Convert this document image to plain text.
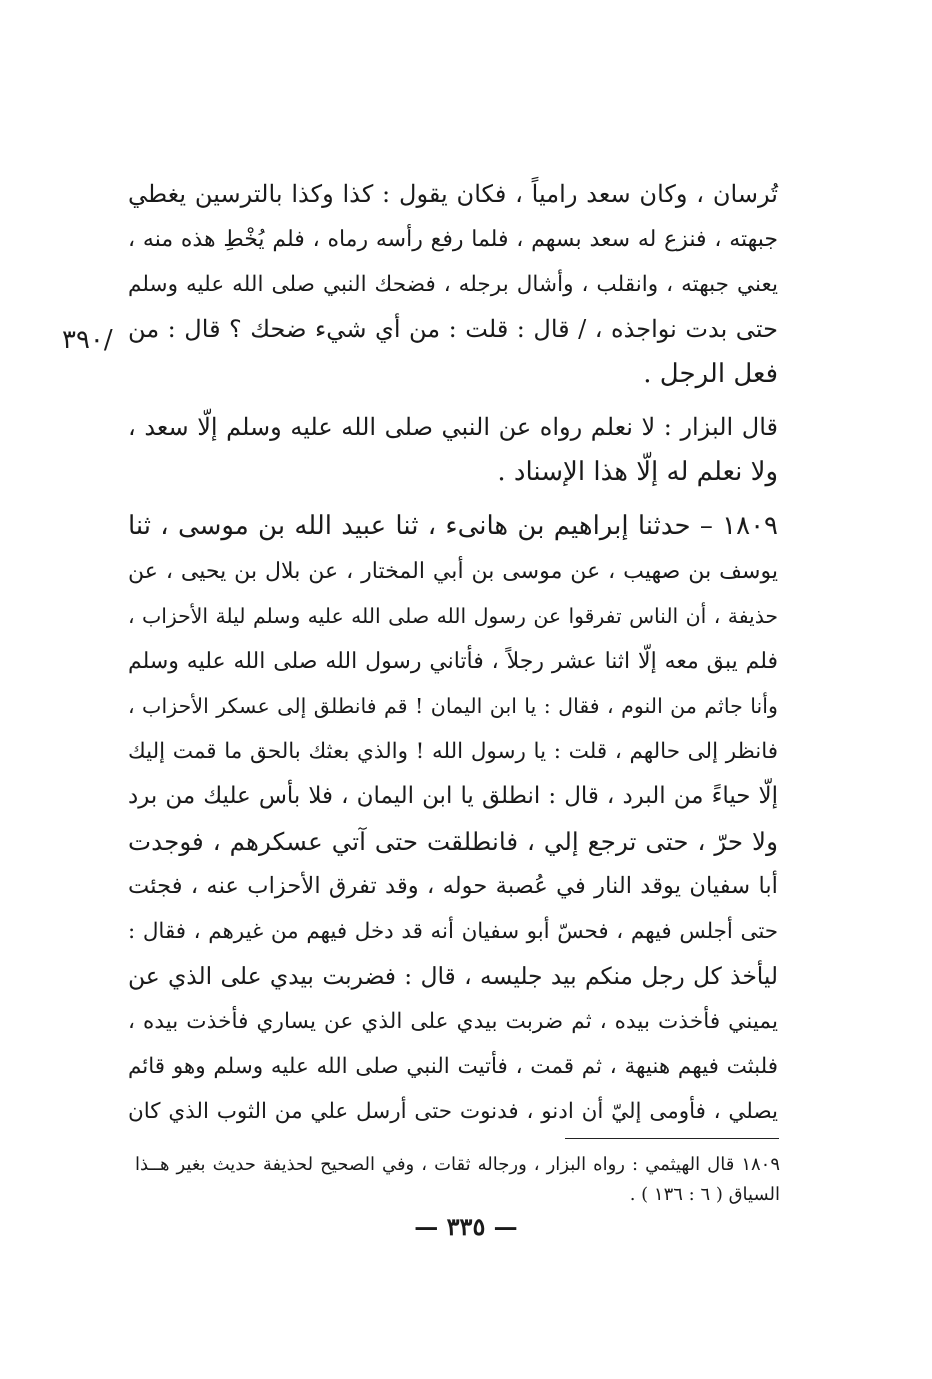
تُرسان ، وكان سعد رامياً ، فكان يقول : كذا وكذا بالترسين يغطي
جبهته ، فنزع له سعد بسهم ، فلما رفع رأسه رماه ، فلم يُخْطِ هذه منه ،
يعني جبهته ، وانقلب ، وأشال برجله ، فضحك النبي صلى الله عليه وسلم
حتى بدت نواجذه ، / قال : قلت : من أي شيء ضحك ؟ قال : من
فعل الرجل .
/٣٩٠
قال البزار : لا نعلم رواه عن النبي صلى الله عليه وسلم إلّا سعد ،
ولا نعلم له إلّا هذا الإسناد .
١٨٠٩ – حدثنا إبراهيم بن هانىء ، ثنا عبيد الله بن موسى ، ثنا
يوسف بن صهيب ، عن موسى بن أبي المختار ، عن بلال بن يحيى ، عن
حذيفة ، أن الناس تفرقوا عن رسول الله صلى الله عليه وسلم ليلة الأحزاب ،
فلم يبق معه إلّا اثنا عشر رجلاً ، فأتاني رسول الله صلى الله عليه وسلم
وأنا جاثم من النوم ، فقال : يا ابن اليمان ! قم فانطلق إلى عسكر الأحزاب ،
فانظر إلى حالهم ، قلت : يا رسول الله ! والذي بعثك بالحق ما قمت إليك
إلّا حياءً من البرد ، قال : انطلق يا ابن اليمان ، فلا بأس عليك من برد
ولا حرّ ، حتى ترجع إلي ، فانطلقت حتى آتي عسكرهم ، فوجدت
أبا سفيان يوقد النار في عُصبة حوله ، وقد تفرق الأحزاب عنه ، فجئت
حتى أجلس فيهم ، فحسّ أبو سفيان أنه قد دخل فيهم من غيرهم ، فقال :
ليأخذ كل رجل منكم بيد جليسه ، قال : فضربت بيدي على الذي عن
يميني فأخذت بيده ، ثم ضربت بيدي على الذي عن يساري فأخذت بيده ،
فلبثت فيهم هنيهة ، ثم قمت ، فأتيت النبي صلى الله عليه وسلم وهو قائم
يصلي ، فأومى إليّ أن ادنو ، فدنوت حتى أرسل علي من الثوب الذي كان
١٨٠٩ قال الهيثمي : رواه البزار ، ورجاله ثقات ، وفي الصحيح لحذيفة حديث بغير هــذا
السياق ( ٦ : ١٣٦ ) .
— ٣٣٥ —
